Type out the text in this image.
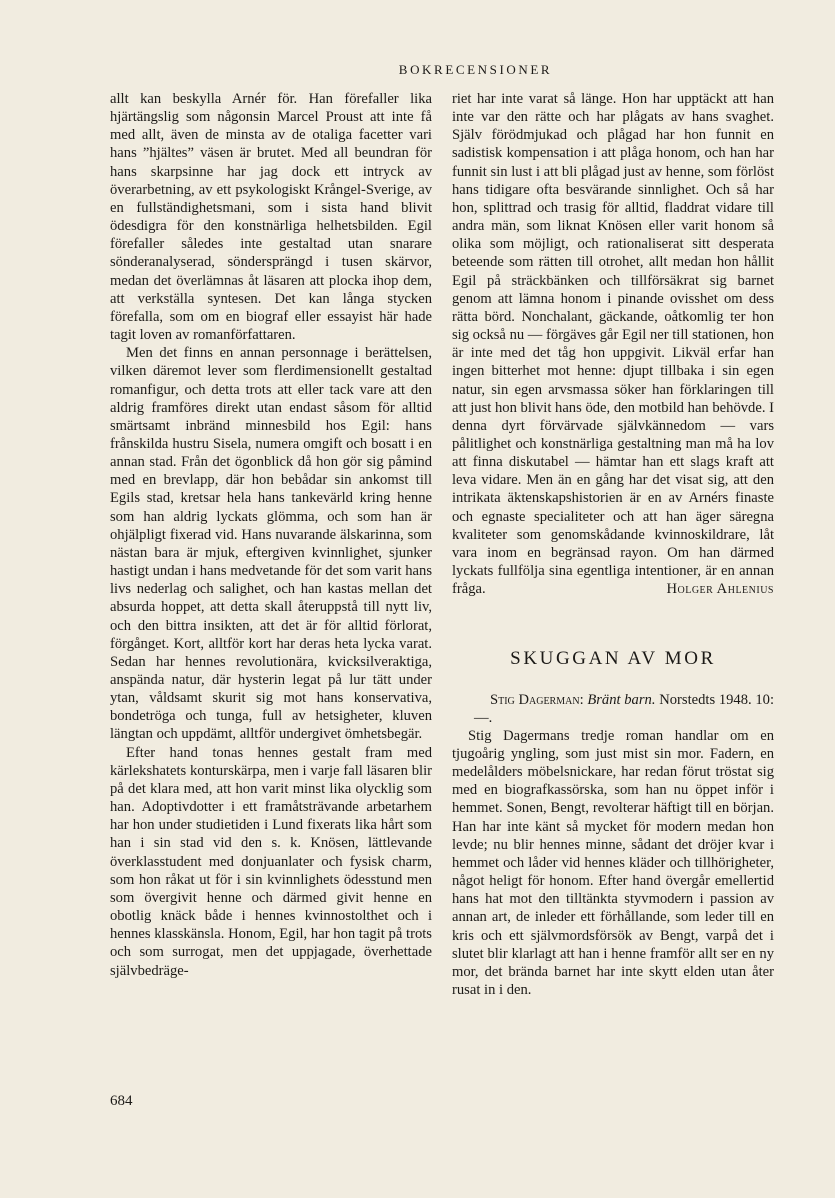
BOKRECENSIONER

allt kan beskylla Arnér för. Han förefaller lika hjärtängslig som någonsin Marcel Proust att inte få med allt, även de minsta av de otaliga facetter vari hans ”hjältes” väsen är brutet. Med all beundran för hans skarpsinne har jag dock ett intryck av överarbetning, av ett psykologiskt Krångel-Sverige, av en fullständighetsmani, som i sista hand blivit ödesdigra för den konstnärliga helhetsbilden. Egil förefaller således inte gestaltad utan snarare sönderanalyserad, söndersprängd i tusen skärvor, medan det överlämnas åt läsaren att plocka ihop dem, att verkställa syntesen. Det kan långa stycken förefalla, som om en biograf eller essayist här hade tagit loven av romanförfattaren.

Men det finns en annan personnage i berättelsen, vilken däremot lever som flerdimensionellt gestaltad romanfigur, och detta trots att eller tack vare att den aldrig framföres direkt utan endast såsom för alltid smärtsamt inbränd minnesbild hos Egil: hans frånskilda hustru Sisela, numera omgift och bosatt i en annan stad. Från det ögonblick då hon gör sig påmind med en brevlapp, där hon bebådar sin ankomst till Egils stad, kretsar hela hans tankevärld kring henne som han aldrig lyckats glömma, och som han är ohjälpligt fixerad vid. Hans nuvarande älskarinna, som nästan bara är mjuk, eftergiven kvinnlighet, sjunker hastigt undan i hans medvetande för det som varit hans livs nederlag och salighet, och han kastas mellan det absurda hoppet, att detta skall återuppstå till nytt liv, och den bittra insikten, att det är för alltid förlorat, förgånget. Kort, alltför kort har deras heta lycka varat. Sedan har hennes revolutionära, kvicksilveraktiga, anspända natur, där hysterin legat på lur tätt under ytan, våldsamt skurit sig mot hans konservativa, bondetröga och tunga, full av hetsigheter, kluven längtan och uppdämt, alltför undergivet ömhetsbegär.

Efter hand tonas hennes gestalt fram med kärlekshatets konturskärpa, men i varje fall läsaren blir på det klara med, att hon varit minst lika olycklig som han. Adoptivdotter i ett framåtsträvande arbetarhem har hon under studietiden i Lund fixerats lika hårt som han i sin stad vid den s. k. Knösen, lättlevande överklasstudent med donjuanlater och fysisk charm, som hon råkat ut för i sin kvinnlighets ödesstund men som övergivit henne och därmed givit henne en obotlig knäck både i hennes kvinnostolthet och i hennes klasskänsla. Honom, Egil, har hon tagit på trots och som surrogat, men det uppjagade, överhettade självbedräge-

riet har inte varat så länge. Hon har upptäckt att han inte var den rätte och har plågats av hans svaghet. Själv förödmjukad och plågad har hon funnit en sadistisk kompensation i att plåga honom, och han har funnit sin lust i att bli plågad just av henne, som förlöst hans tidigare ofta besvärande sinnlighet. Och så har hon, splittrad och trasig för alltid, fladdrat vidare till andra män, som liknat Knösen eller varit honom så olika som möjligt, och rationaliserat sitt desperata beteende som rätten till otrohet, allt medan hon hållit Egil på sträckbänken och tillförsäkrat sig barnet genom att lämna honom i pinande ovisshet om dess rätta börd. Nonchalant, gäckande, oåtkomlig ter hon sig också nu — förgäves går Egil ner till stationen, hon är inte med det tåg hon uppgivit. Likväl erfar han ingen bitterhet mot henne: djupt tillbaka i sin egen natur, sin egen arvsmassa söker han förklaringen till att just hon blivit hans öde, den motbild han behövde. I denna dyrt förvärvade självkännedom — vars pålitlighet och konstnärliga gestaltning man må ha lov att finna diskutabel — hämtar han ett slags kraft att leva vidare. Men än en gång har det visat sig, att den intrikata äktenskapshistorien är en av Arnérs finaste och egnaste specialiteter och att han äger säregna kvaliteter som genomskådande kvinnoskildrare, låt vara inom en begränsad rayon. Om han därmed lyckats fullfölja sina egentliga intentioner, är en annan fråga.	Holger Ahlenius

SKUGGAN AV MOR

Stig Dagerman: Bränt barn. Norstedts 1948. 10: —.

Stig Dagermans tredje roman handlar om en tjugoårig yngling, som just mist sin mor. Fadern, en medelålders möbelsnickare, har redan förut tröstat sig med en biografkassörska, som han nu öppet inför i hemmet. Sonen, Bengt, revolterar häftigt till en början. Han har inte känt så mycket för modern medan hon levde; nu blir hennes minne, sådant det dröjer kvar i hemmet och låder vid hennes kläder och tillhörigheter, något heligt för honom. Efter hand övergår emellertid hans hat mot den tilltänkta styvmodern i passion av annan art, de inleder ett förhållande, som leder till en kris och ett självmordsförsök av Bengt, varpå det i slutet blir klarlagt att han i henne framför allt ser en ny mor, det brända barnet har inte skytt elden utan åter rusat in i den.

684
